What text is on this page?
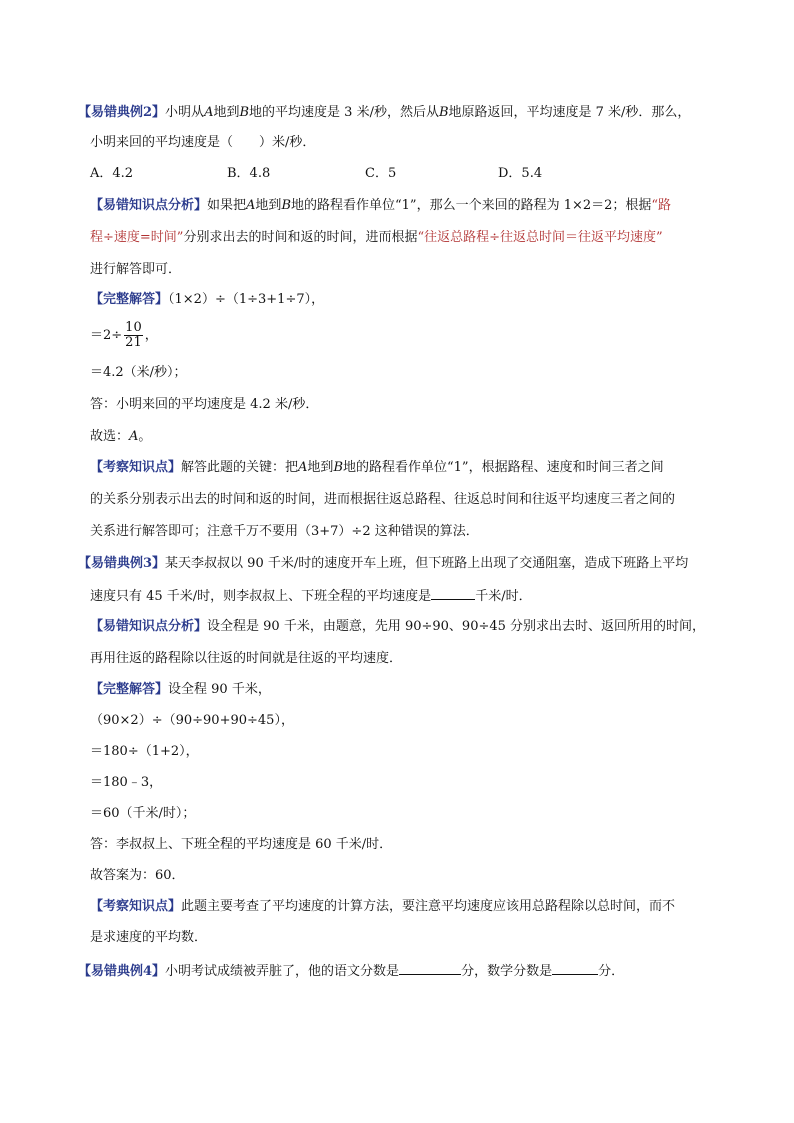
【易错典例2】小明从A地到B地的平均速度是 3 米/秒，然后从B地原路返回，平均速度是 7 米/秒．那么，
小明来回的平均速度是（　　）米/秒．
A．4.2	B．4.8	C．5	D．5.4
【易错知识点分析】如果把A地到B地的路程看作单位“1”，那么一个来回的路程为 1×2＝2；根据“路
程÷速度=时间”分别求出去的时间和返的时间，进而根据“往返总路程÷往返总时间＝往返平均速度”
进行解答即可．
【完整解答】（1×2）÷（1÷3+1÷7），
$=2\div \frac{10}{21}$ ，
＝4.2（米/秒）；
答：小明来回的平均速度是 4.2 米/秒．
故选：A。
【考察知识点】解答此题的关键：把A地到B地的路程看作单位“1”，根据路程、速度和时间三者之间
的关系分别表示出去的时间和返的时间，进而根据往返总路程、往返总时间和往返平均速度三者之间的
关系进行解答即可；注意千万不要用（3+7）÷2 这种错误的算法．
【易错典例3】某天李叔叔以 90 千米/时的速度开车上班，但下班路上出现了交通阻塞，造成下班路上平均
速度只有 45 千米/时，则李叔叔上、下班全程的平均速度是	千米/时．
【易错知识点分析】设全程是 90 千米，由题意，先用 90÷90、90÷45 分别求出去时、返回所用的时间，
再用往返的路程除以往返的时间就是往返的平均速度．
【完整解答】设全程 90 千米，
（90×2）÷（90÷90+90÷45），
＝180÷（1+2），
＝180﹣3，
＝60（千米/时）；
答：李叔叔上、下班全程的平均速度是 60 千米/时．
故答案为：60．
【考察知识点】此题主要考查了平均速度的计算方法，要注意平均速度应该用总路程除以总时间，而不
是求速度的平均数．
【易错典例4】小明考试成绩被弄脏了，他的语文分数是	分，数学分数是	分．
